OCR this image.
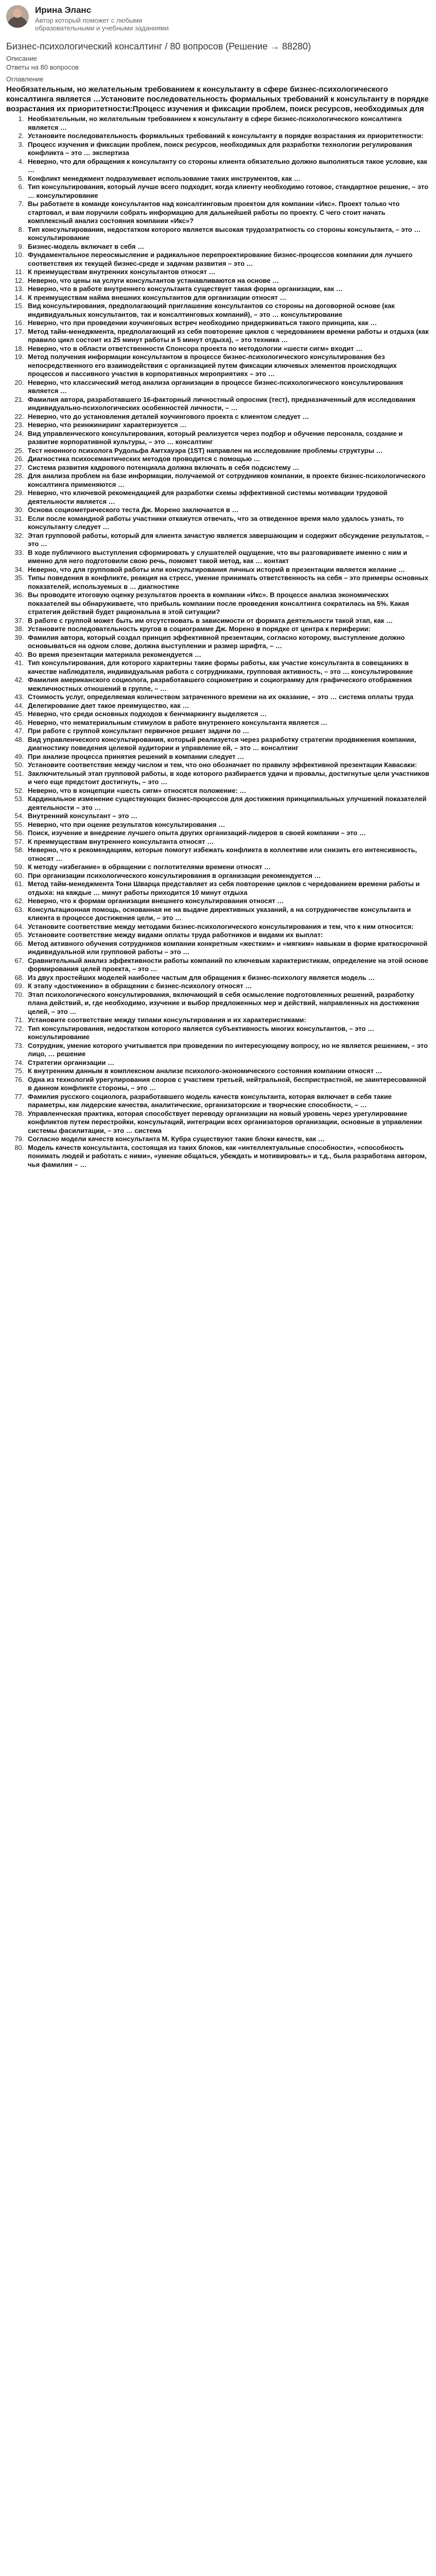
Ирина Эланс
Автор который поможет с любыми образовательными и учебными заданиями
Бизнес-психологический консалтинг / 80 вопросов (Решение → 88280)
Описание
Ответы на 80 вопросов
Оглавление
Необязательным, но желательным требованием к консультанту в сфере бизнес-психологического консалтинга является …Установите последовательность формальных требований к консультанту в порядке возрастания их приоритетности:Процесс изучения и фиксации проблем, поиск ресурсов, необходимых для
1. Необязательным, но желательным требованием к консультанту в сфере бизнес-психологического консалтинга является …
2. Установите последовательность формальных требований к консультанту в порядке возрастания их приоритетности:
3. Процесс изучения и фиксации проблем, поиск ресурсов, необходимых для разработки технологии регулирования конфликта – это … экспертиза
4. Неверно, что для обращения к консультанту со стороны клиента обязательно должно выполняться такое условие, как …
5. Конфликт менеджмент подразумевает использование таких инструментов, как …
6. Тип консультирования, который лучше всего подходит, когда клиенту необходимо готовое, стандартное решение, – это … консультирование
7. Вы работаете в команде консультантов над консалтинговым проектом для компании «Икс». Проект только что стартовал, и вам поручили собрать информацию для дальнейшей работы по проекту. С чего стоит начать комплексный анализ состояния компании «Икс»?
8. Тип консультирования, недостатком которого является высокая трудозатратность со стороны консультанта, – это … консультирование
9. Бизнес-модель включает в себя …
10. Фундаментальное переосмысление и радикальное перепроектирование бизнес-процессов компании для лучшего соответствия их текущей бизнес-среде и задачам развития – это …
11. К преимуществам внутренних консультантов относят …
12. Неверно, что цены на услуги консультантов устанавливаются на основе …
13. Неверно, что в работе внутреннего консультанта существует такая форма организации, как …
14. К преимуществам найма внешних консультантов для организации относят …
15. Вид консультирования, предполагающий приглашение консультантов со стороны на договорной основе (как индивидуальных консультантов, так и консалтинговых компаний), – это … консультирование
16. Неверно, что при проведении коучинговых встреч необходимо придерживаться такого принципа, как …
17. Метод тайм-менеджмента, предполагающий из себя повторение циклов с чередованием времени работы и отдыха (как правило цикл состоит из 25 минут работы и 5 минут отдыха), – это техника …
18. Неверно, что в области ответственности Спонсора проекта по методологии «шести сигм» входит …
19. Метод получения информации консультантом в процессе бизнес-психологического консультирования без непосредственного его взаимодействия с организацией путем фиксации ключевых элементов происходящих процессов и пассивного участия в корпоративных мероприятиях – это …
20. Неверно, что классический метод анализа организации в процессе бизнес-психологического консультирования является …
21. Фамилия автора, разработавшего 16-факторный личностный опросник (тест), предназначенный для исследования индивидуально-психологических особенностей личности, – …
22. Неверно, что до установления деталей коучингового проекта с клиентом следует …
23. Неверно, что реинжиниринг характеризуется …
24. Вид управленческого консультирования, который реализуется через подбор и обучение персонала, создание и развитие корпоративной культуры, – это … консалтинг
25. Тест неюнного психолога Рудольфа Амтхауэра (1ST) направлен на исследование проблемы структуры …
26. Диагностика психосемантических методов проводится с помощью …
27. Система развития кадрового потенциала должна включать в себя подсистему …
28. Для анализа проблем на базе информации, получаемой от сотрудников компании, в проекте бизнес-психологического консалтинга применяются …
29. Неверно, что ключевой рекомендацией для разработки схемы эффективной системы мотивации трудовой деятельности является …
30. Основа социометрического теста Дж. Морено заключается в …
31. Если после командной работы участники откажутся отвечать, что за отведенное время мало удалось узнать, то консультанту следует …
32. Этап групповой работы, который для клиента зачастую является завершающим и содержит обсуждение результатов, – это …
33. В ходе публичного выступления сформировать у слушателей ощущение, что вы разговариваете именно с ним и именно для него подготовили свою речь, поможет такой метод, как … контакт
34. Неверно, что для групповой работы или консультирования личных историй в презентации является желание …
35. Типы поведения в конфликте, реакция на стресс, умение принимать ответственность на себя – это примеры основных показателей, используемых в … диагностике
36. Вы проводите итоговую оценку результатов проекта в компании «Икс». В процессе анализа экономических показателей вы обнаруживаете, что прибыль компании после проведения консалтинга сократилась на 5%. Какая стратегия действий будет рациональна в этой ситуации?
37. В работе с группой может быть им отсутствовать в зависимости от формата деятельности такой этап, как …
38. Установите последовательность кругов в социограмме Дж. Морено в порядке от центра к периферии:
39. Фамилия автора, который создал принцип эффективной презентации, согласно которому, выступление должно основываться на одном слове, должна выступлении и размер шрифта, – …
40. Во время презентации материала рекомендуется …
41. Тип консультирования, для которого характерны такие формы работы, как участие консультанта в совещаниях в качестве наблюдателя, индивидуальная работа с сотрудниками, групповая активность, – это … консультирование
42. Фамилия американского социолога, разработавшего социометрию и социограмму для графического отображения межличностных отношений в группе, – …
43. Стоимость услуг, определяемая количеством затраченного времени на их оказание, – это … система оплаты труда
44. Делегирование дает такое преимущество, как …
45. Неверно, что среди основных подходов к бенчмаркингу выделяется …
46. Неверно, что нематериальным стимулом в работе внутреннего консультанта является …
47. При работе с группой консультант первичное решает задачи по …
48. Вид управленческого консультирования, который реализуется через разработку стратегии продвижения компании, диагностику поведения целевой аудитории и управление ей, – это … консалтинг
49. При анализе процесса принятия решений в компании следует …
50. Установите соответствие между числом и тем, что оно обозначает по правилу эффективной презентации Кавасаки:
51. Заключительный этап групповой работы, в ходе которого разбирается удачи и провалы, достигнутые цели участников и чего еще предстоит достигнуть, – это …
52. Неверно, что в концепции «шесть сигм» относятся положение: …
53. Кардинальное изменение существующих бизнес-процессов для достижения принципиальных улучшений показателей деятельности – это …
54. Внутренний консультант – это …
55. Неверно, что при оценке результатов консультирования …
56. Поиск, изучение и внедрение лучшего опыта других организаций-лидеров в своей компании – это …
57. К преимуществам внутреннего консультанта относят …
58. Неверно, что к рекомендациям, которые помогут избежать конфликта в коллективе или снизить его интенсивность, относят …
59. К методу «избегание» в обращении с поглотителями времени относят …
60. При организации психологического консультирования в организации рекомендуется …
61. Метод тайм-менеджмента Тони Шварца представляет из себя повторение циклов с чередованием времени работы и отдыха: на каждые … минут работы приходится 10 минут отдыха
62. Неверно, что к формам организации внешнего консультирования относят …
63. Консультационная помощь, основанная не на выдаче директивных указаний, а на сотрудничестве консультанта и клиента в процессе достижения цели, – это …
64. Установите соответствие между методами бизнес-психологического консультирования и тем, что к ним относится:
65. Установите соответствие между видами оплаты труда работников и видами их выплат:
66. Метод активного обучения сотрудников компании конкретным «жестким» и «мягким» навыкам в форме краткосрочной индивидуальной или групповой работы – это …
67. Сравнительный анализ эффективности работы компаний по ключевым характеристикам, определение на этой основе формирования целей проекта, – это …
68. Из двух простейших моделей наиболее частым для обращения к бизнес-психологу является модель …
69. К этапу «достижению» в обращении с бизнес-психологу относят …
70. Этап психологического консультирования, включающий в себя осмысление подготовленных решений, разработку плана действий, и, где необходимо, изучение и выбор предложенных мер и действий, направленных на достижение целей, – это …
71. Установите соответствие между типами консультирования и их характеристиками:
72. Тип консультирования, недостатком которого является субъективность многих консультантов, – это … консультирование
73. Сотрудник, умение которого учитывается при проведении по интересующему вопросу, но не является решением, – это лицо, … решение
74. Стратегии организации …
75. К внутренним данным в комплексном анализе психолого-экономического состояния компании относят …
76. Одна из технологий урегулирования споров с участием третьей, нейтральной, беспристрастной, не заинтересованной в данном конфликте стороны, – это …
77. Фамилия русского социолога, разработавшего модель качеств консультанта, которая включает в себя такие параметры, как лидерские качества, аналитические, организаторские и творческие способности, – …
78. Управленческая практика, которая способствует переводу организации на новый уровень через урегулирование конфликтов путем перестройки, консультаций, интеграции всех организаторов организации, основные в управлении системы фасилитации, – это … система
79. Согласно модели качеств консультанта М. Кубра существуют такие блоки качеств, как …
80. Модель качеств консультанта, состоящая из таких блоков, как «интеллектуальные способности», «способность понимать людей и работать с ними», «умение общаться, убеждать и мотивировать» и т.д., была разработана автором, чья фамилия – …
